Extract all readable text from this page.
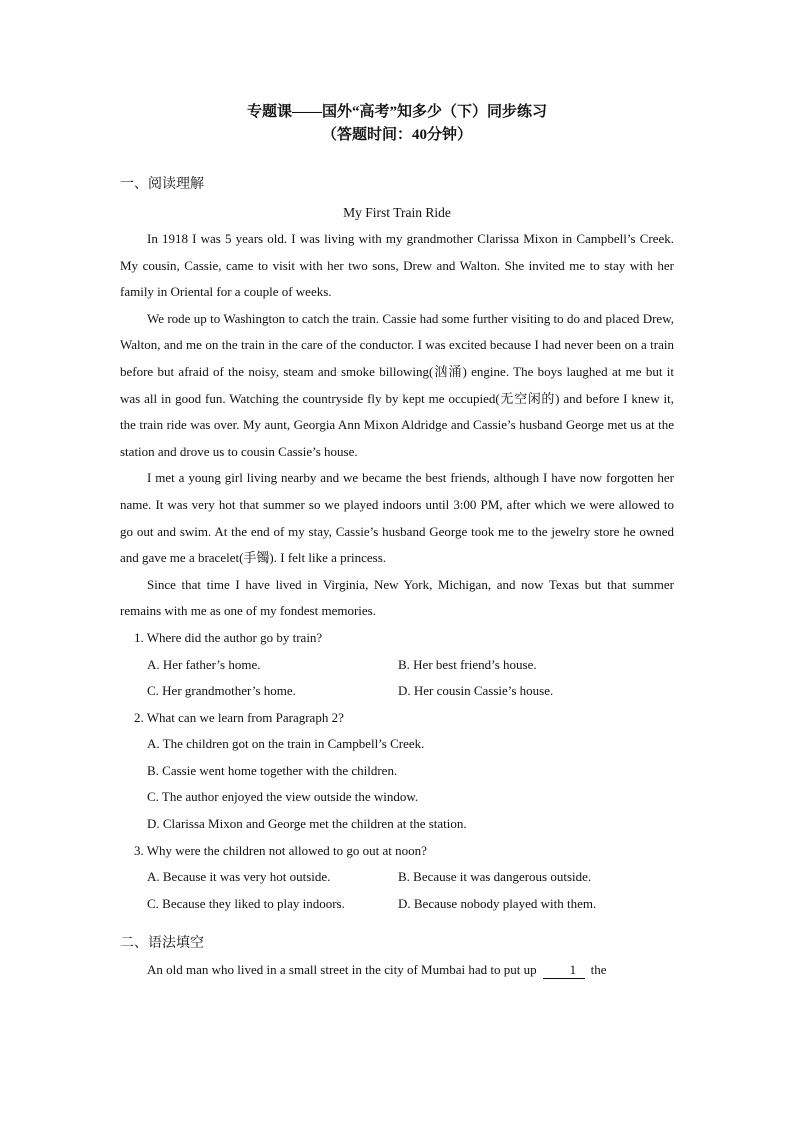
专题课——国外“高考”知多少（下）同步练习
（答题时间：40分钟）
一、阅读理解
My First Train Ride

In 1918 I was 5 years old. I was living with my grandmother Clarissa Mixon in Campbell’s Creek. My cousin, Cassie, came to visit with her two sons, Drew and Walton. She invited me to stay with her family in Oriental for a couple of weeks.

We rode up to Washington to catch the train. Cassie had some further visiting to do and placed Drew, Walton, and me on the train in the care of the conductor. I was excited because I had never been on a train before but afraid of the noisy, steam and smoke billowing(汹涌) engine. The boys laughed at me but it was all in good fun. Watching the countryside fly by kept me occupied(无空闲的) and before I knew it, the train ride was over. My aunt, Georgia Ann Mixon Aldridge and Cassie’s husband George met us at the station and drove us to cousin Cassie’s house.

I met a young girl living nearby and we became the best friends, although I have now forgotten her name. It was very hot that summer so we played indoors until 3:00 PM, after which we were allowed to go out and swim. At the end of my stay, Cassie’s husband George took me to the jewelry store he owned and gave me a bracelet(手镯). I felt like a princess.

Since that time I have lived in Virginia, New York, Michigan, and now Texas but that summer remains with me as one of my fondest memories.

1. Where did the author go by train?
A. Her father’s home.	B. Her best friend’s house.
C. Her grandmother’s home.	D. Her cousin Cassie’s house.
2. What can we learn from Paragraph 2?
A. The children got on the train in Campbell’s Creek.
B. Cassie went home together with the children.
C. The author enjoyed the view outside the window.
D. Clarissa Mixon and George met the children at the station.
3. Why were the children not allowed to go out at noon?
A. Because it was very hot outside.	B. Because it was dangerous outside.
C. Because they liked to play indoors.	D. Because nobody played with them.
二、语法填空

An old man who lived in a small street in the city of Mumbai had to put up	1 the
